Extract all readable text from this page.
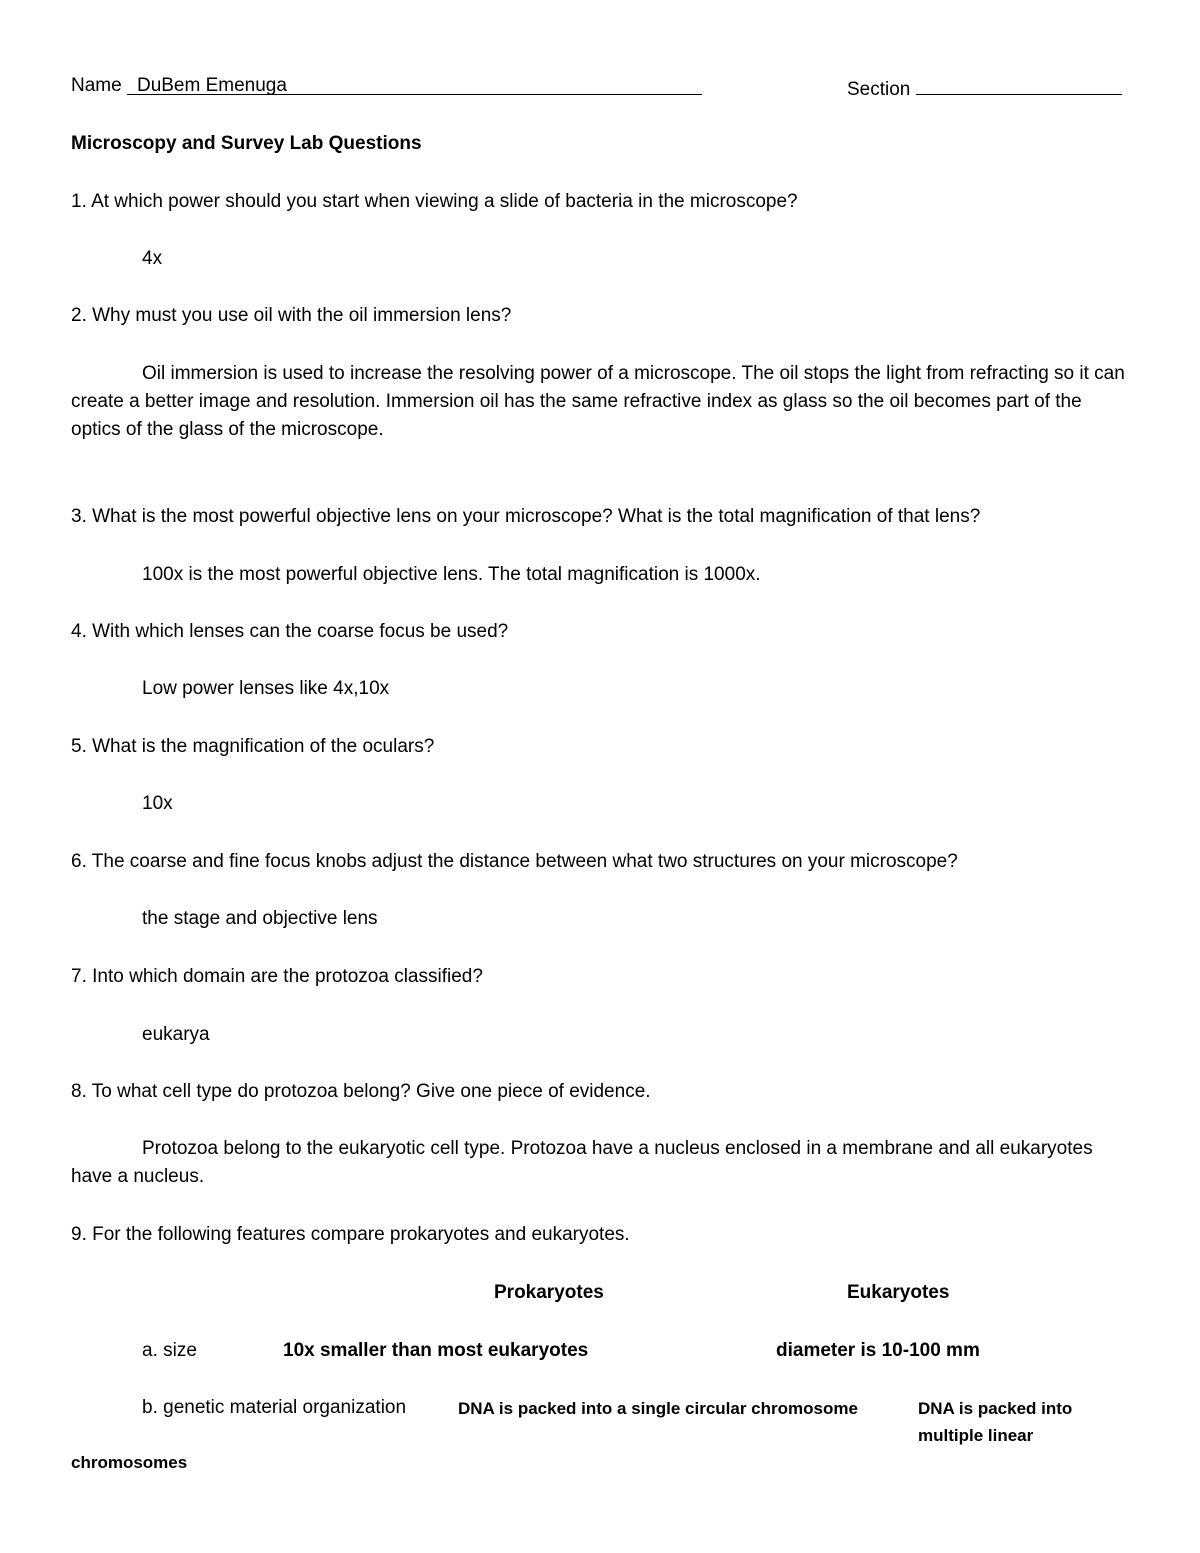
Name DuBem Emenuga	Section
Microscopy and Survey Lab Questions
1. At which power should you start when viewing a slide of bacteria in the microscope?
4x
2. Why must you use oil with the oil immersion lens?
Oil immersion is used to increase the resolving power of a microscope. The oil stops the light from refracting so it can create a better image and resolution. Immersion oil has the same refractive index as glass so the oil becomes part of the optics of the glass of the microscope.
3. What is the most powerful objective lens on your microscope? What is the total magnification of that lens?
100x is the most powerful objective lens. The total magnification is 1000x.
4. With which lenses can the coarse focus be used?
Low power lenses like 4x,10x
5. What is the magnification of the oculars?
10x
6. The coarse and fine focus knobs adjust the distance between what two structures on your microscope?
the stage and objective lens
7. Into which domain are the protozoa classified?
eukarya
8. To what cell type do protozoa belong? Give one piece of evidence.
Protozoa belong to the eukaryotic cell type. Protozoa have a nucleus enclosed in a membrane and all eukaryotes have a nucleus.
9. For the following features compare prokaryotes and eukaryotes.
Prokaryotes	Eukaryotes
a. size	10x smaller than most eukaryotes	diameter is 10-100 mm
b. genetic material organization	DNA is packed into a single circular chromosome	DNA is packed into
multiple linear
chromosomes
